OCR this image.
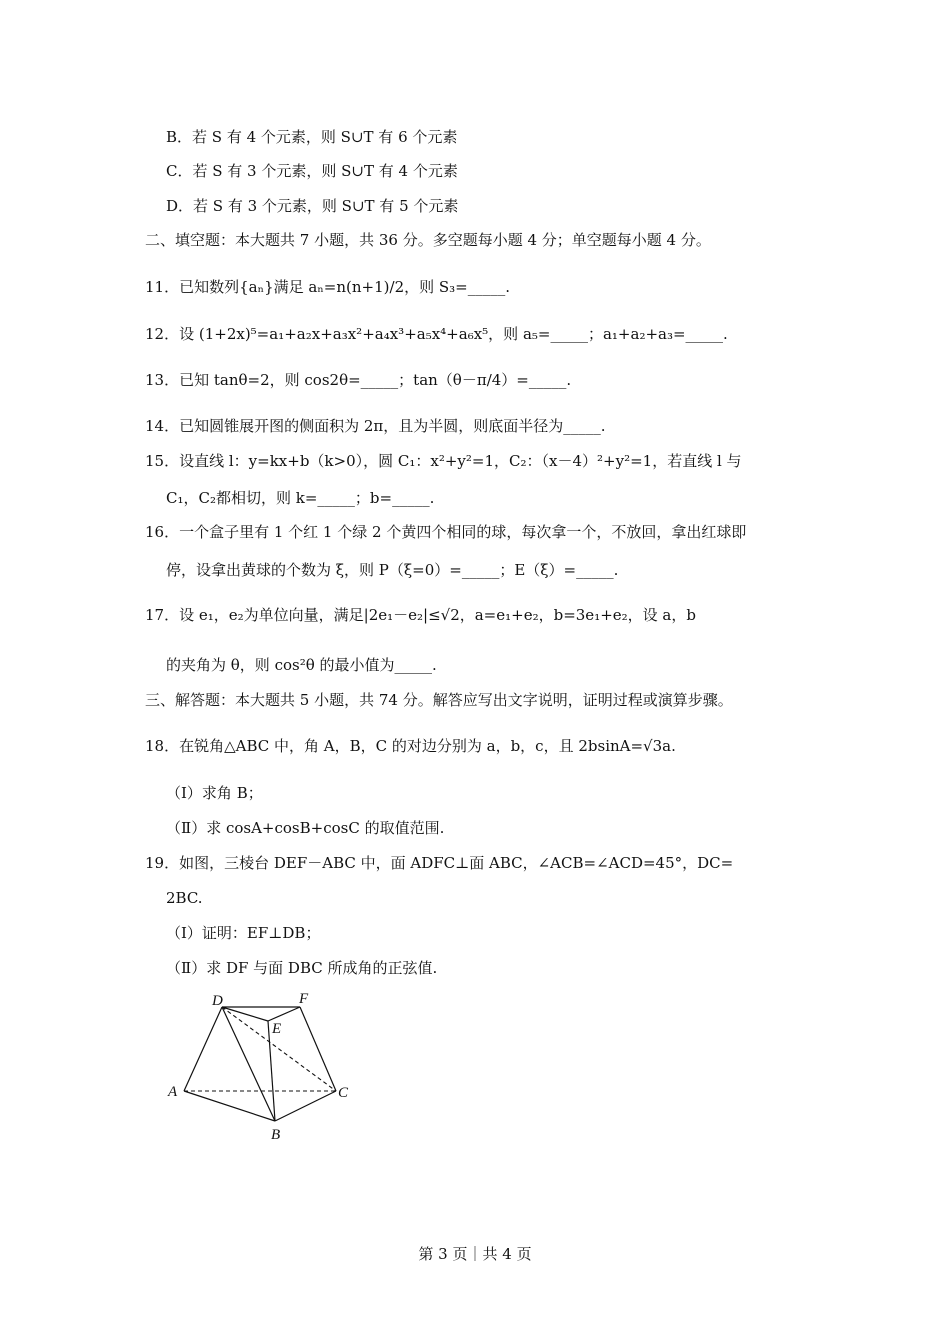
B．若 S 有 4 个元素，则 S∪T 有 6 个元素
C．若 S 有 3 个元素，则 S∪T 有 4 个元素
D．若 S 有 3 个元素，则 S∪T 有 5 个元素
二、填空题：本大题共 7 小题，共 36 分。多空题每小题 4 分；单空题每小题 4 分。
11．已知数列{aₙ}满足 aₙ=n(n+1)/2，则 S₃=_____.
12．设 (1+2x)⁵=a₁+a₂x+a₃x²+a₄x³+a₅x⁴+a₆x⁵，则 a₅=_____；a₁+a₂+a₃=_____.
13．已知 tanθ=2，则 cos2θ=_____；tan（θ－π/4）=_____.
14．已知圆锥展开图的侧面积为 2π，且为半圆，则底面半径为_____.
15．设直线 l：y=kx+b（k>0），圆 C₁：x²+y²=1，C₂：（x－4）²+y²=1，若直线 l 与
C₁，C₂都相切，则 k=_____；b=_____.
16．一个盒子里有 1 个红 1 个绿 2 个黄四个相同的球，每次拿一个，不放回，拿出红球即
停，设拿出黄球的个数为 ξ，则 P（ξ=0）=_____；E（ξ）=_____.
17．设 e₁，e₂为单位向量，满足|2e₁－e₂|≤√2，a=e₁+e₂，b=3e₁+e₂，设 a，b
的夹角为 θ，则 cos²θ 的最小值为_____.
三、解答题：本大题共 5 小题，共 74 分。解答应写出文字说明，证明过程或演算步骤。
18．在锐角△ABC 中，角 A，B，C 的对边分别为 a，b，c，且 2bsinA=√3a.
（Ⅰ）求角 B；
（Ⅱ）求 cosA+cosB+cosC 的取值范围.
19．如图，三棱台 DEF－ABC 中，面 ADFC⊥面 ABC，∠ACB=∠ACD=45°，DC=
2BC.
（Ⅰ）证明：EF⊥DB；
（Ⅱ）求 DF 与面 DBC 所成角的正弦值.
第 3 页｜共 4 页
D	F
E
A	C
B
